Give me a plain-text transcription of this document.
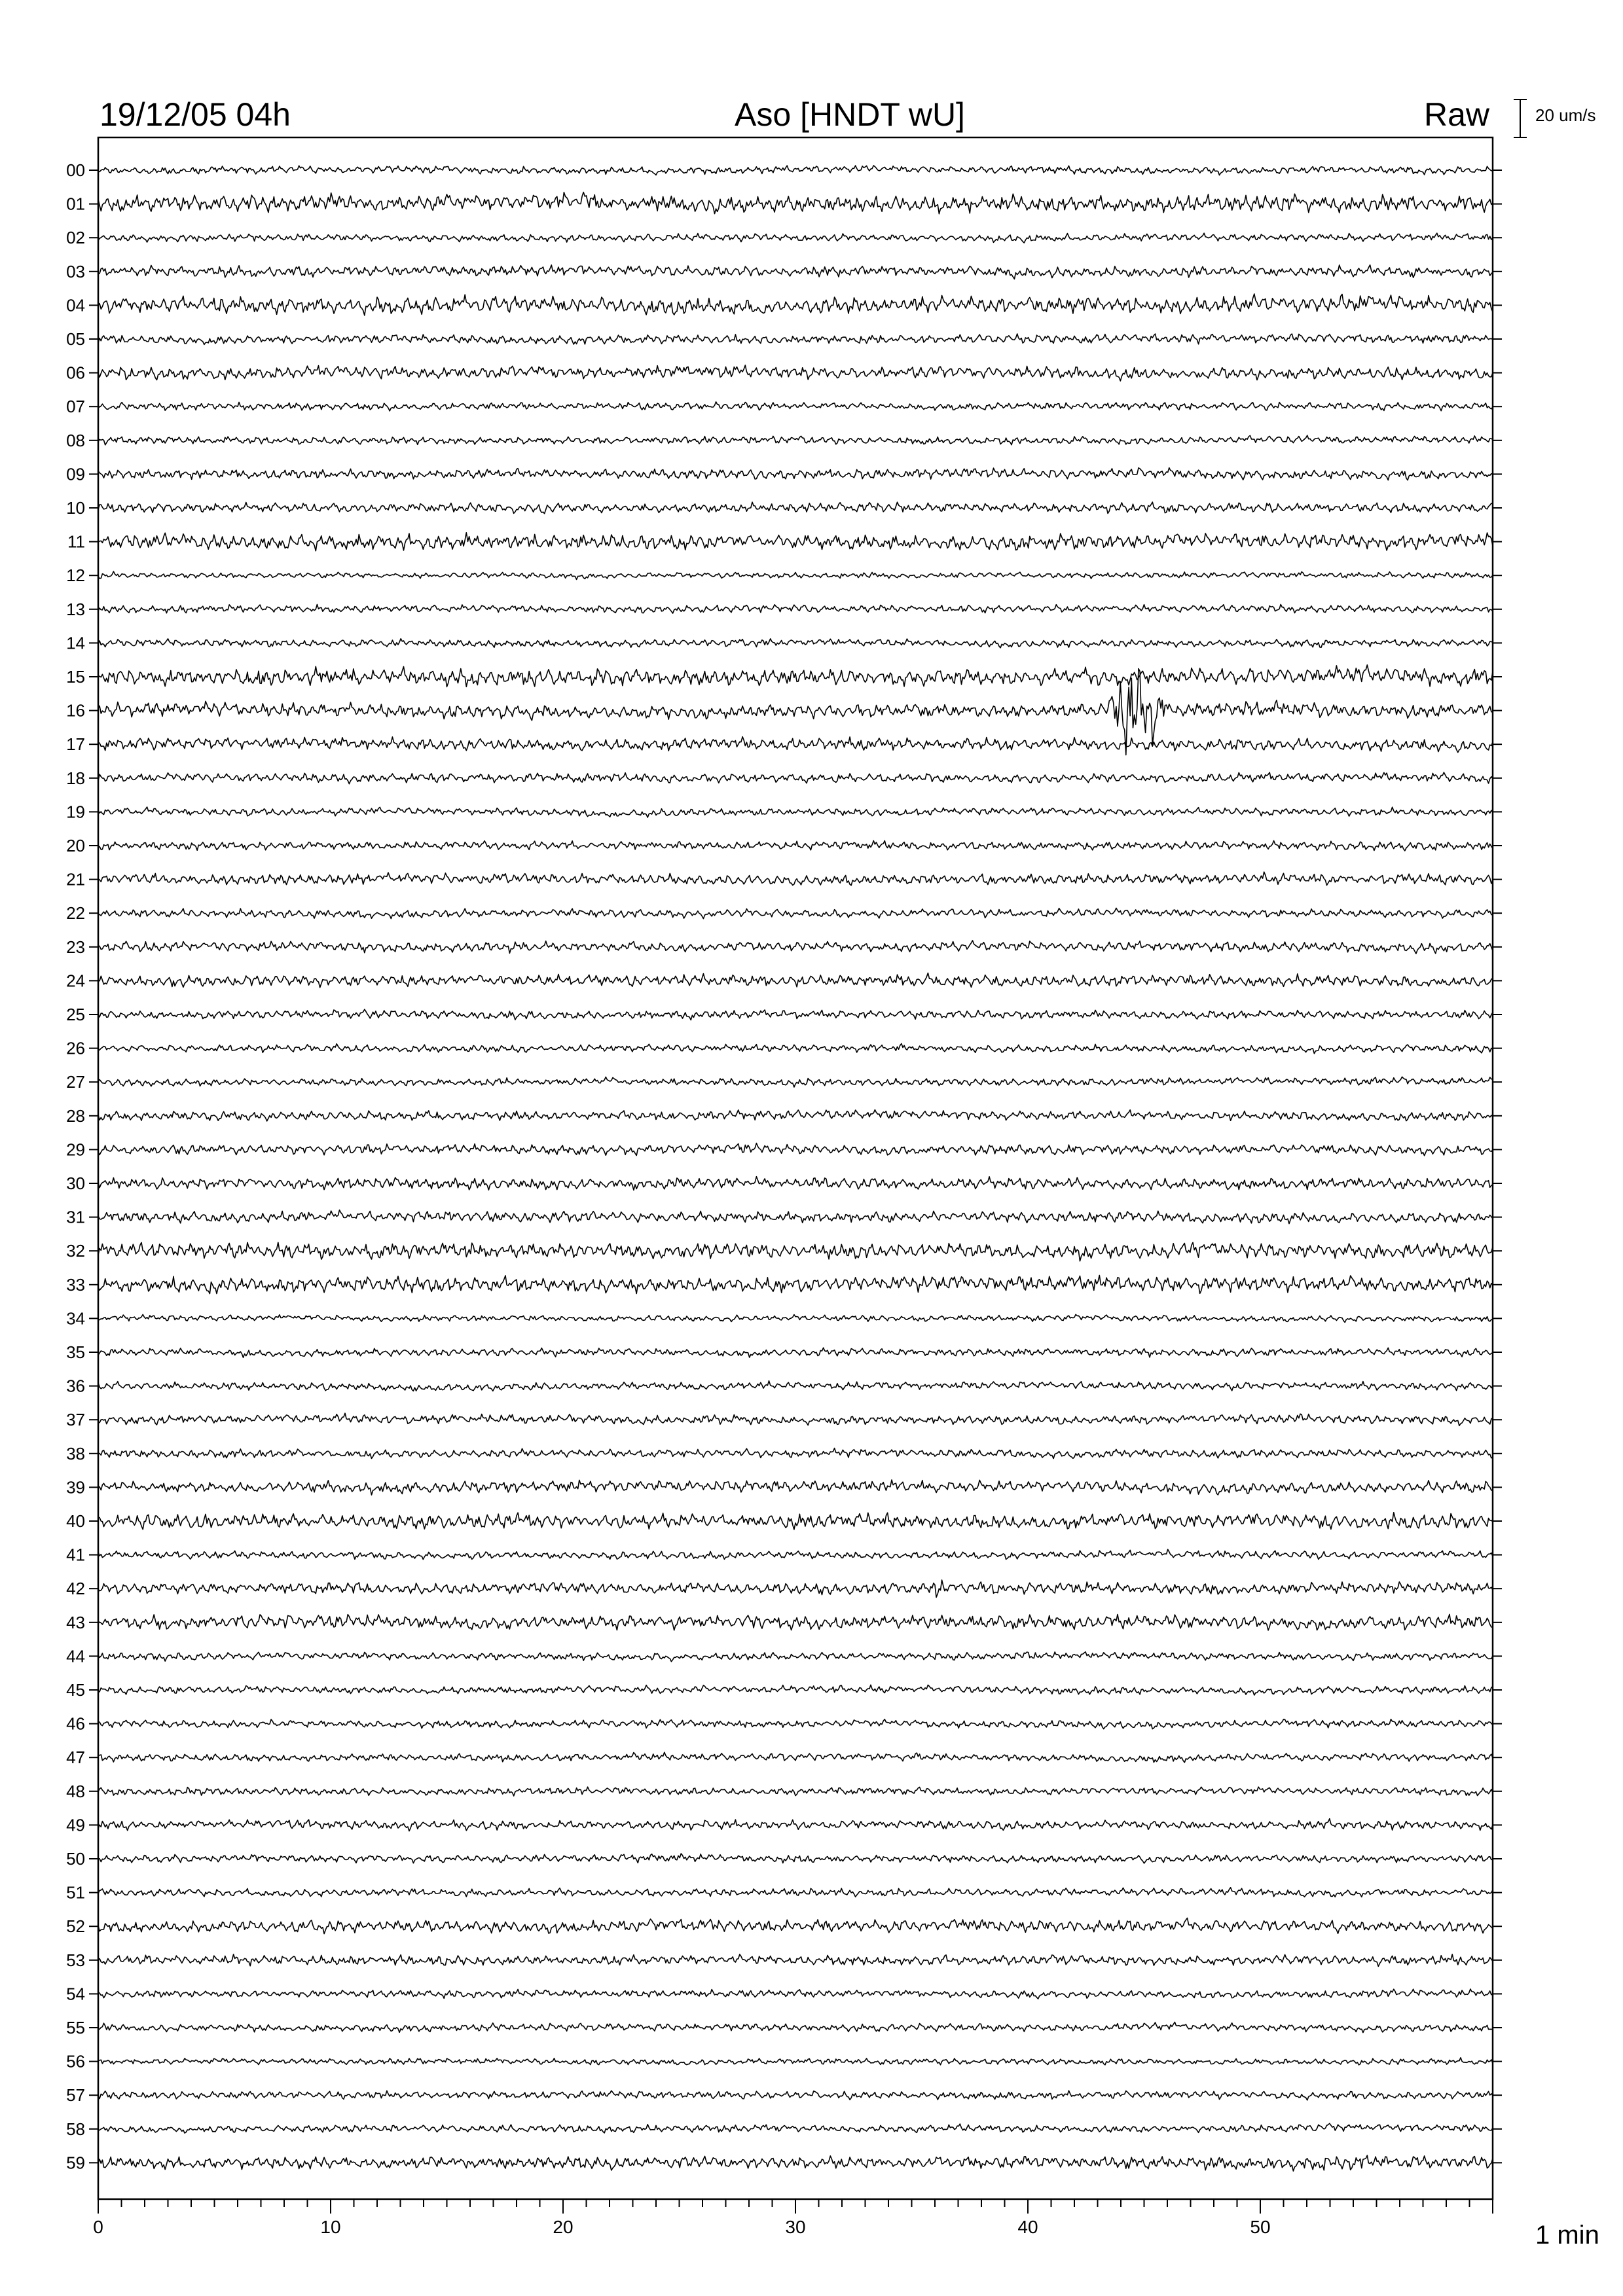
19/12/05 04h	Aso [HNDT wU]	Raw	20 um/s
00
01
02
03
04
05
06
07
08
09
10
11
12
13
14
15
16
17
18
19
20
21
22
23
24
25
26
27
28
29
30
31
32
33
34
35
36
37
38
39
40
41
42
43
44
45
46
47
48
49
50
51
52
53
54
55
56
57
58
59
0	10	20	30	40	50	1 min
